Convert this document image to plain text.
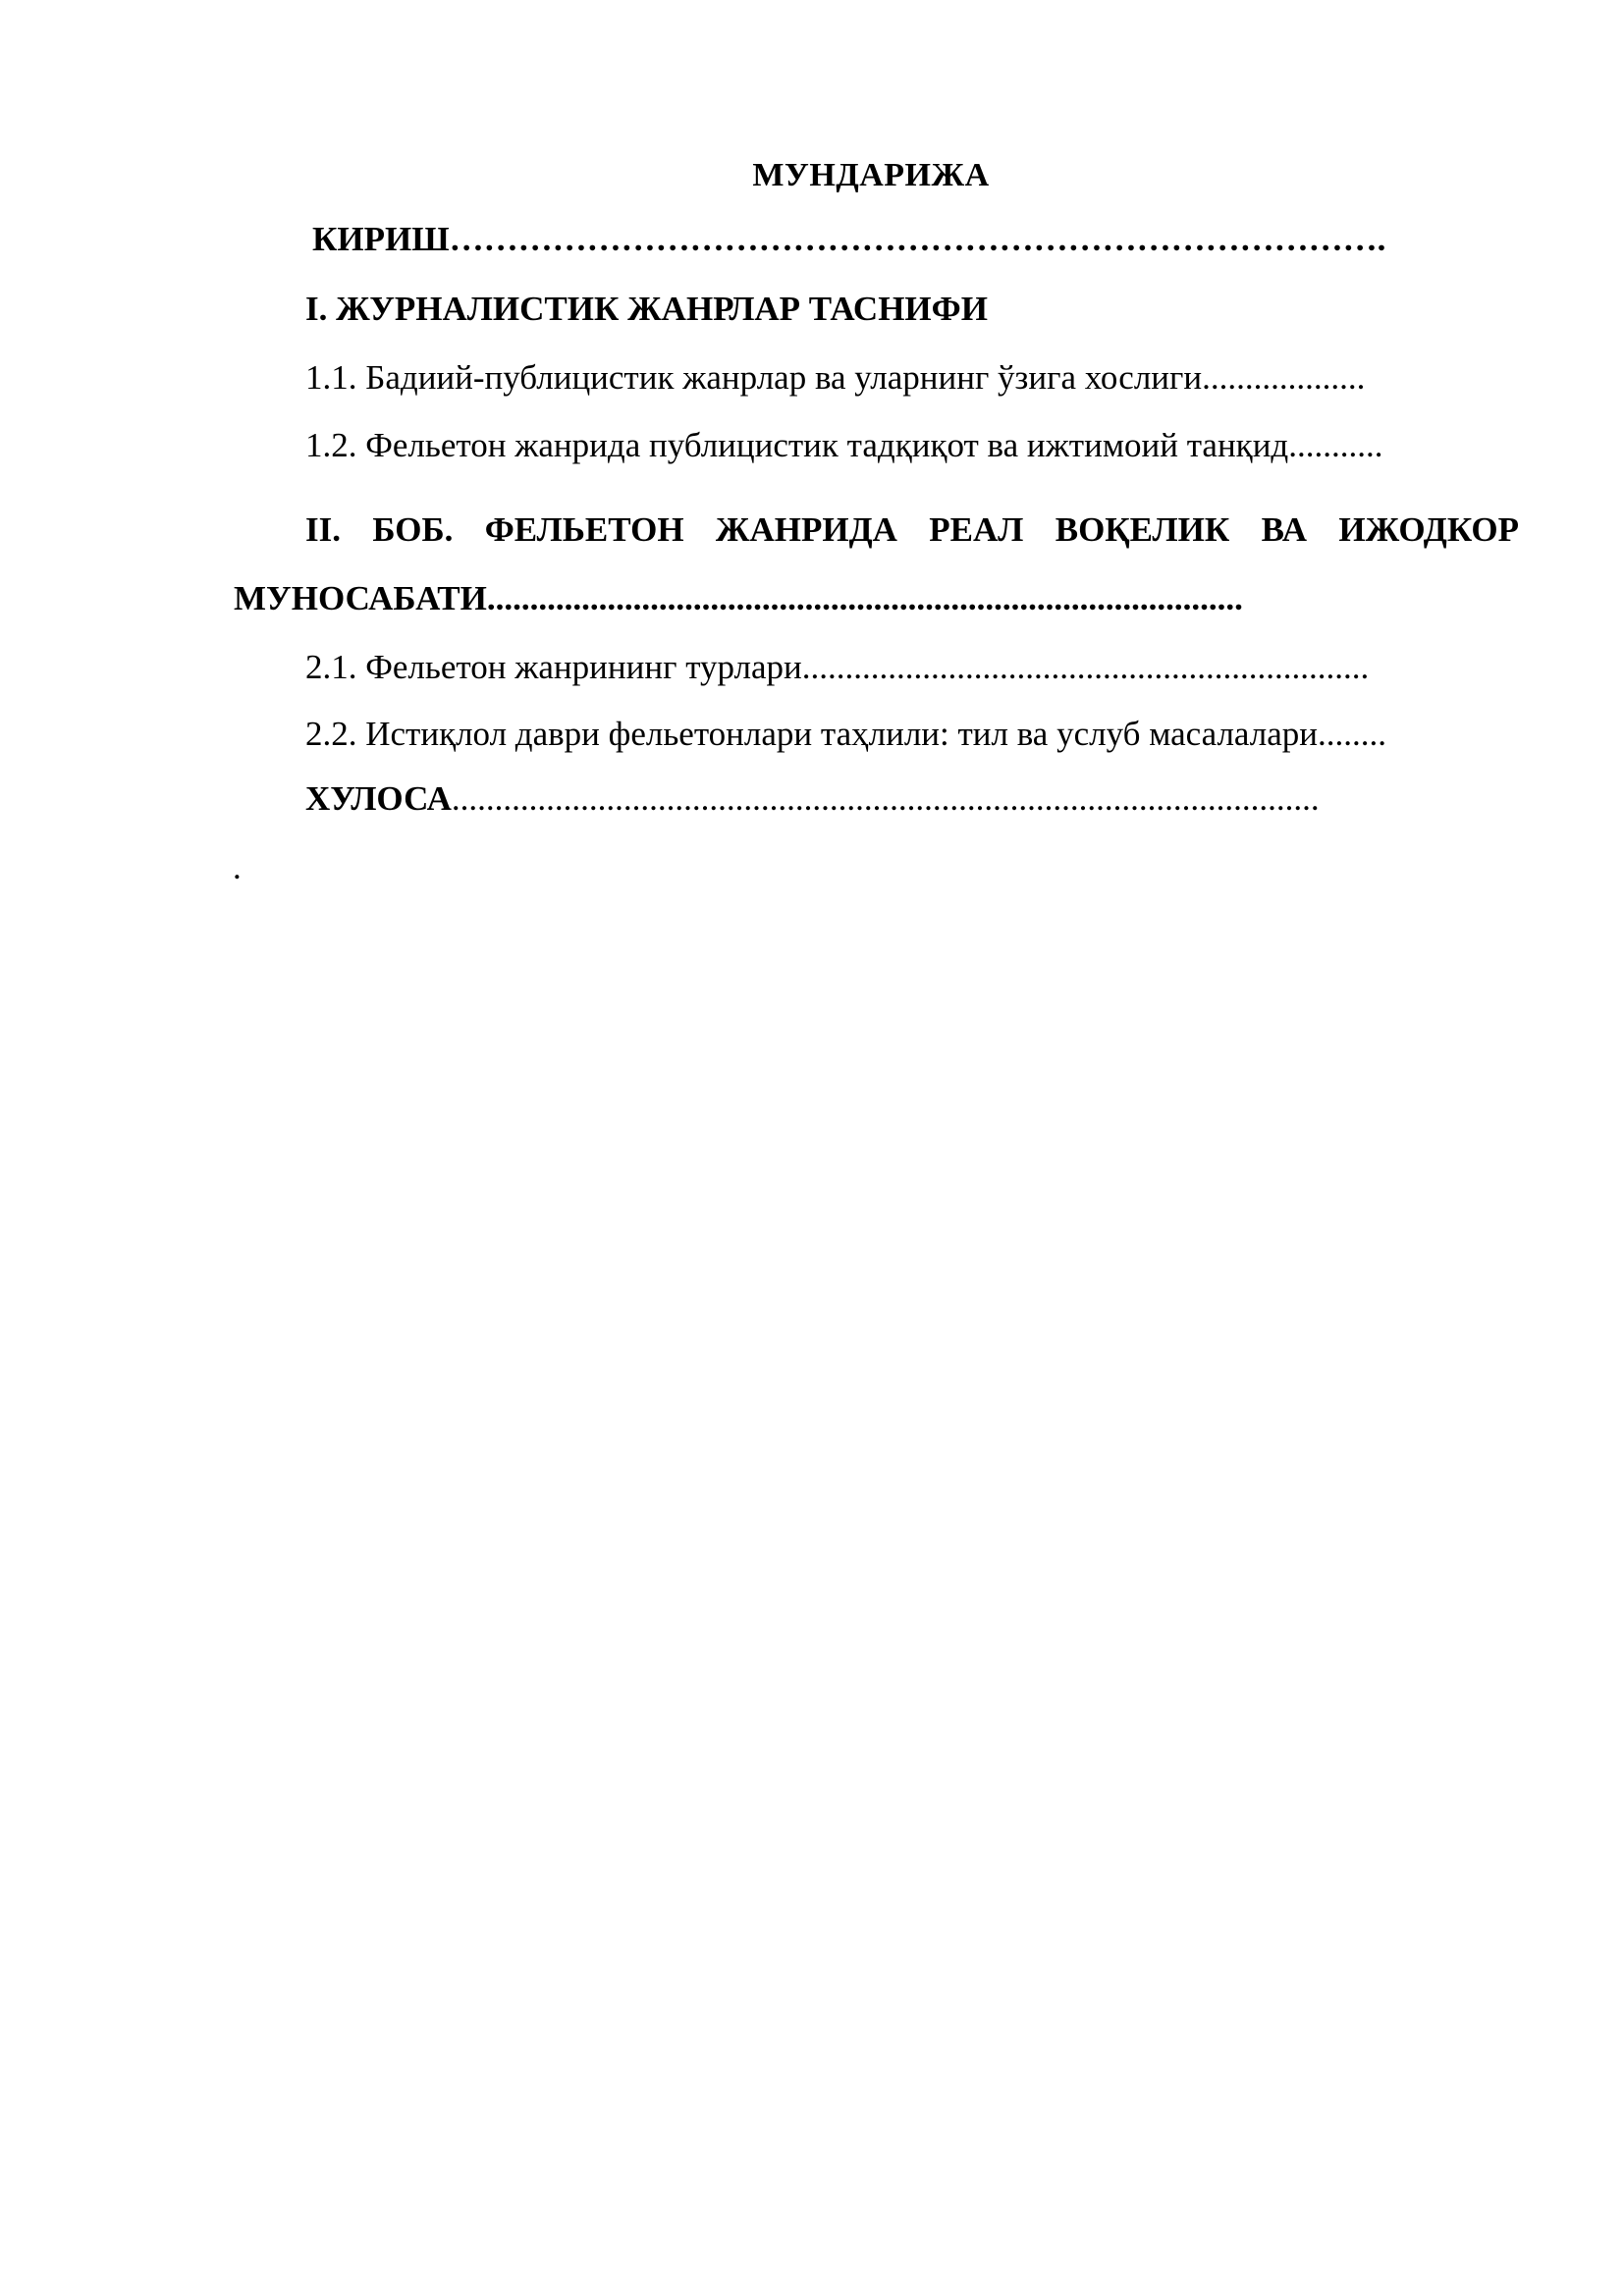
МУНДАРИЖА
КИРИШ……………………………………………………………………….
I. ЖУРНАЛИСТИК ЖАНРЛАР ТАСНИФИ
1.1. Бадиий-публицистик жанрлар ва уларнинг ўзига хослиги...................
1.2. Фельетон жанрида публицистик тадқиқот ва ижтимоий танқид...........
II. БОБ. ФЕЛЬЕТОН ЖАНРИДА РЕАЛ ВОҚЕЛИК ВА ИЖОДКОР
МУНОСАБАТИ........................................................................................
2.1. Фельетон жанрининг турлари..................................................................
2.2. Истиқлол даври фельетонлари таҳлили: тил ва услуб масалалари........
ХУЛОСА.....................................................................................................
.
